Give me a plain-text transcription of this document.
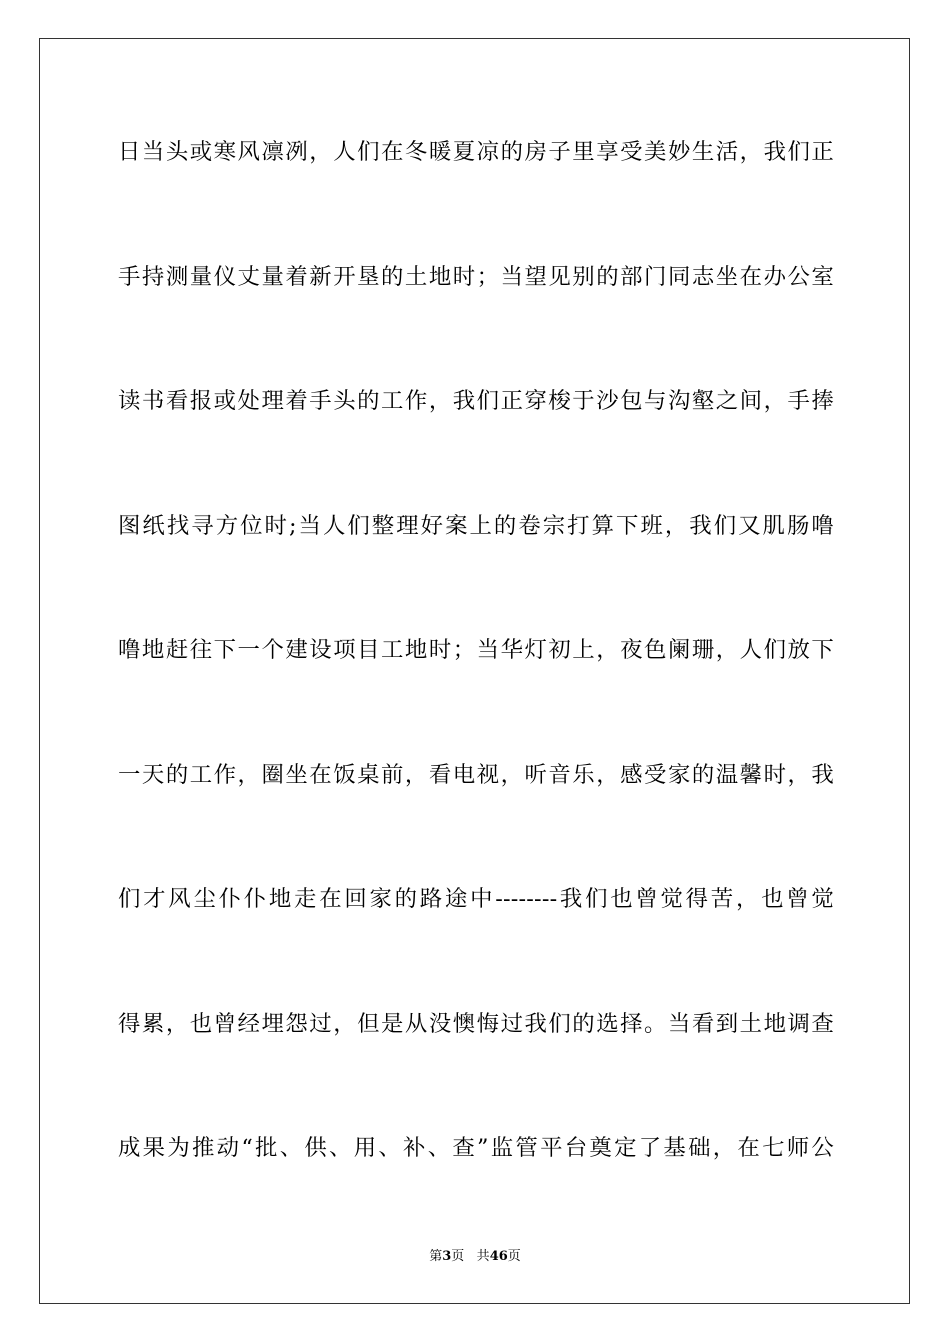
日当头或寒风凛冽，人们在冬暖夏凉的房子里享受美妙生活，我们正
手持测量仪丈量着新开垦的土地时；当望见别的部门同志坐在办公室
读书看报或处理着手头的工作，我们正穿梭于沙包与沟壑之间，手捧
图纸找寻方位时;当人们整理好案上的卷宗打算下班，我们又肌肠噜
噜地赶往下一个建设项目工地时；当华灯初上，夜色阑珊，人们放下
一天的工作，圈坐在饭桌前，看电视，听音乐，感受家的温馨时，我
们才风尘仆仆地走在回家的路途中--------我们也曾觉得苦，也曾觉
得累，也曾经埋怨过，但是从没懊悔过我们的选择。当看到土地调查
成果为推动“批、供、用、补、查”监管平台奠定了基础，在七师公
第3页 共46页
